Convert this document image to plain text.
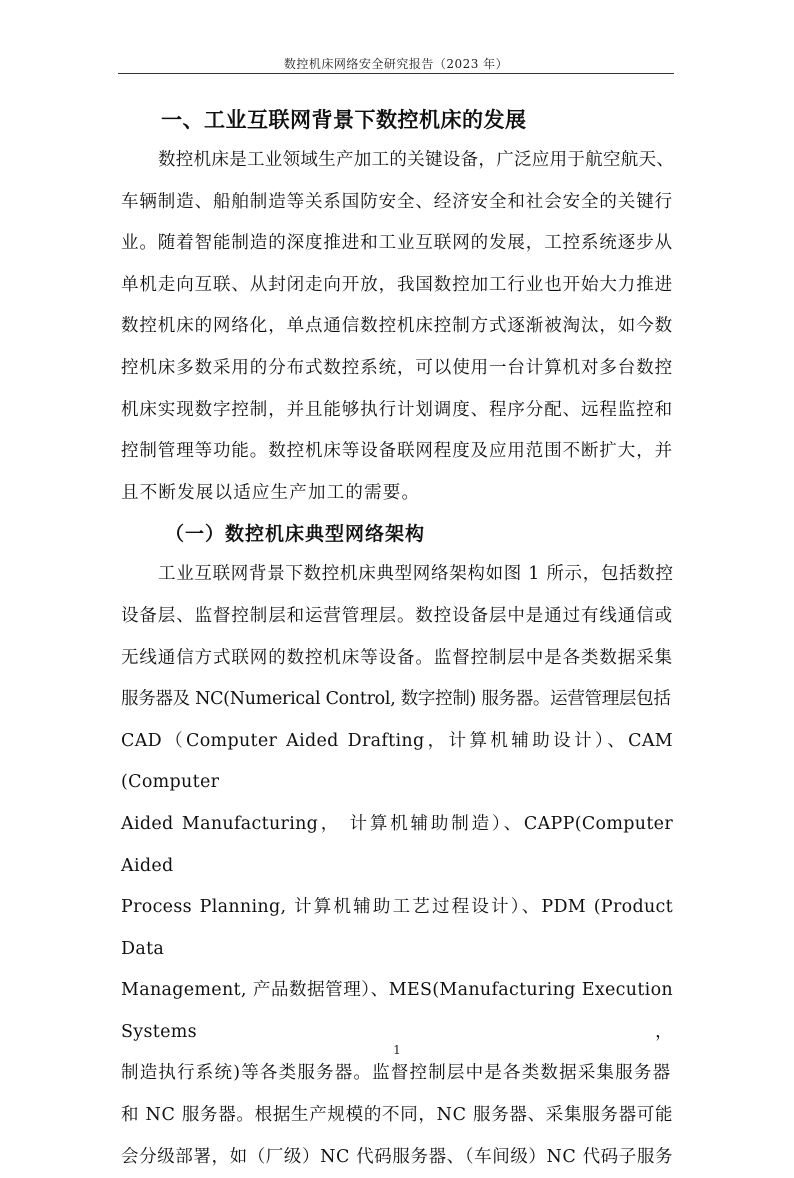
数控机床网络安全研究报告（2023 年）
一、工业互联网背景下数控机床的发展

数控机床是工业领域生产加工的关键设备，广泛应用于航空航天、
车辆制造、船舶制造等关系国防安全、经济安全和社会安全的关键行
业。随着智能制造的深度推进和工业互联网的发展，工控系统逐步从
单机走向互联、从封闭走向开放，我国数控加工行业也开始大力推进
数控机床的网络化，单点通信数控机床控制方式逐渐被淘汰，如今数
控机床多数采用的分布式数控系统，可以使用一台计算机对多台数控
机床实现数字控制，并且能够执行计划调度、程序分配、远程监控和
控制管理等功能。数控机床等设备联网程度及应用范围不断扩大，并
且不断发展以适应生产加工的需要。

（一）数控机床典型网络架构

工业互联网背景下数控机床典型网络架构如图 1 所示，包括数控
设备层、监督控制层和运营管理层。数控设备层中是通过有线通信或
无线通信方式联网的数控机床等设备。监督控制层中是各类数据采集
服务器及 NC(Numerical Control, 数字控制) 服务器。运营管理层包括
CAD（Computer Aided Drafting，计算机辅助设计）、CAM (Computer
Aided Manufacturing， 计算机辅助制造）、CAPP(Computer Aided
Process Planning, 计算机辅助工艺过程设计）、PDM (Product Data
Management, 产品数据管理）、MES(Manufacturing Execution Systems，
制造执行系统)等各类服务器。监督控制层中是各类数据采集服务器
和 NC 服务器。根据生产规模的不同，NC 服务器、采集服务器可能
会分级部署，如（厂级）NC 代码服务器、（车间级）NC 代码子服务

1
